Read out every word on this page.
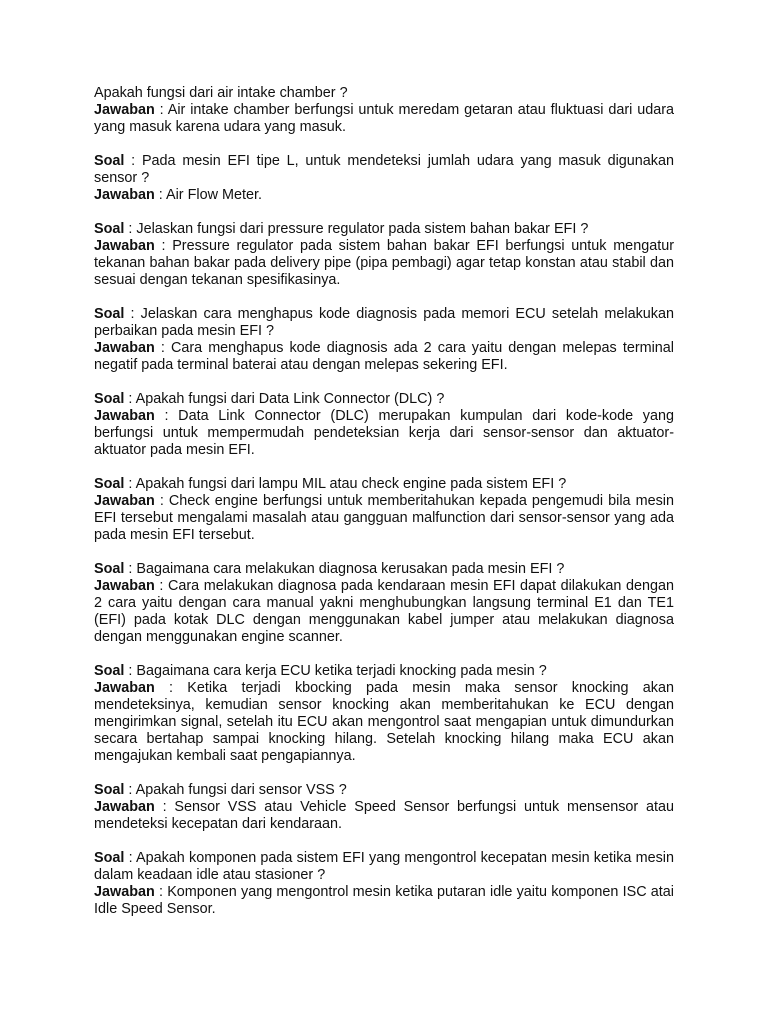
Apakah fungsi dari air intake chamber ?
Jawaban : Air intake chamber berfungsi untuk meredam getaran atau fluktuasi dari udara yang masuk karena udara yang masuk.
Soal : Pada mesin EFI tipe L, untuk mendeteksi jumlah udara yang masuk digunakan sensor ?
Jawaban : Air Flow Meter.
Soal : Jelaskan fungsi dari pressure regulator pada sistem bahan bakar EFI ?
Jawaban : Pressure regulator pada sistem bahan bakar EFI berfungsi untuk mengatur tekanan bahan bakar pada delivery pipe (pipa pembagi) agar tetap konstan atau stabil dan sesuai dengan tekanan spesifikasinya.
Soal : Jelaskan cara menghapus kode diagnosis pada memori ECU setelah melakukan perbaikan pada mesin EFI ?
Jawaban : Cara menghapus kode diagnosis ada 2 cara yaitu dengan melepas terminal negatif pada terminal baterai atau dengan melepas sekering EFI.
Soal : Apakah fungsi dari Data Link Connector (DLC) ?
Jawaban : Data Link Connector (DLC) merupakan kumpulan dari kode-kode yang berfungsi untuk mempermudah pendeteksian kerja dari sensor-sensor dan aktuator-aktuator pada mesin EFI.
Soal : Apakah fungsi dari lampu MIL atau check engine pada sistem EFI ?
Jawaban : Check engine berfungsi untuk memberitahukan kepada pengemudi bila mesin EFI tersebut mengalami masalah atau gangguan malfunction dari sensor-sensor yang ada pada mesin EFI tersebut.
Soal : Bagaimana cara melakukan diagnosa kerusakan pada mesin EFI ?
Jawaban : Cara melakukan diagnosa pada kendaraan mesin EFI dapat dilakukan dengan 2 cara yaitu dengan cara manual yakni menghubungkan langsung terminal E1 dan TE1 (EFI) pada kotak DLC dengan menggunakan kabel jumper atau melakukan diagnosa dengan menggunakan engine scanner.
Soal : Bagaimana cara kerja ECU ketika terjadi knocking pada mesin ?
Jawaban : Ketika terjadi kbocking pada mesin maka sensor knocking akan mendeteksinya, kemudian sensor knocking akan memberitahukan ke ECU dengan mengirimkan signal, setelah itu ECU akan mengontrol saat mengapian untuk dimundurkan secara bertahap sampai knocking hilang. Setelah knocking hilang maka ECU akan mengajukan kembali saat pengapiannya.
Soal : Apakah fungsi dari sensor VSS ?
Jawaban : Sensor VSS atau Vehicle Speed Sensor berfungsi untuk mensensor atau mendeteksi kecepatan dari kendaraan.
Soal : Apakah komponen pada sistem EFI yang mengontrol kecepatan mesin ketika mesin dalam keadaan idle atau stasioner ?
Jawaban : Komponen yang mengontrol mesin ketika putaran idle yaitu komponen ISC atai Idle Speed Sensor.
